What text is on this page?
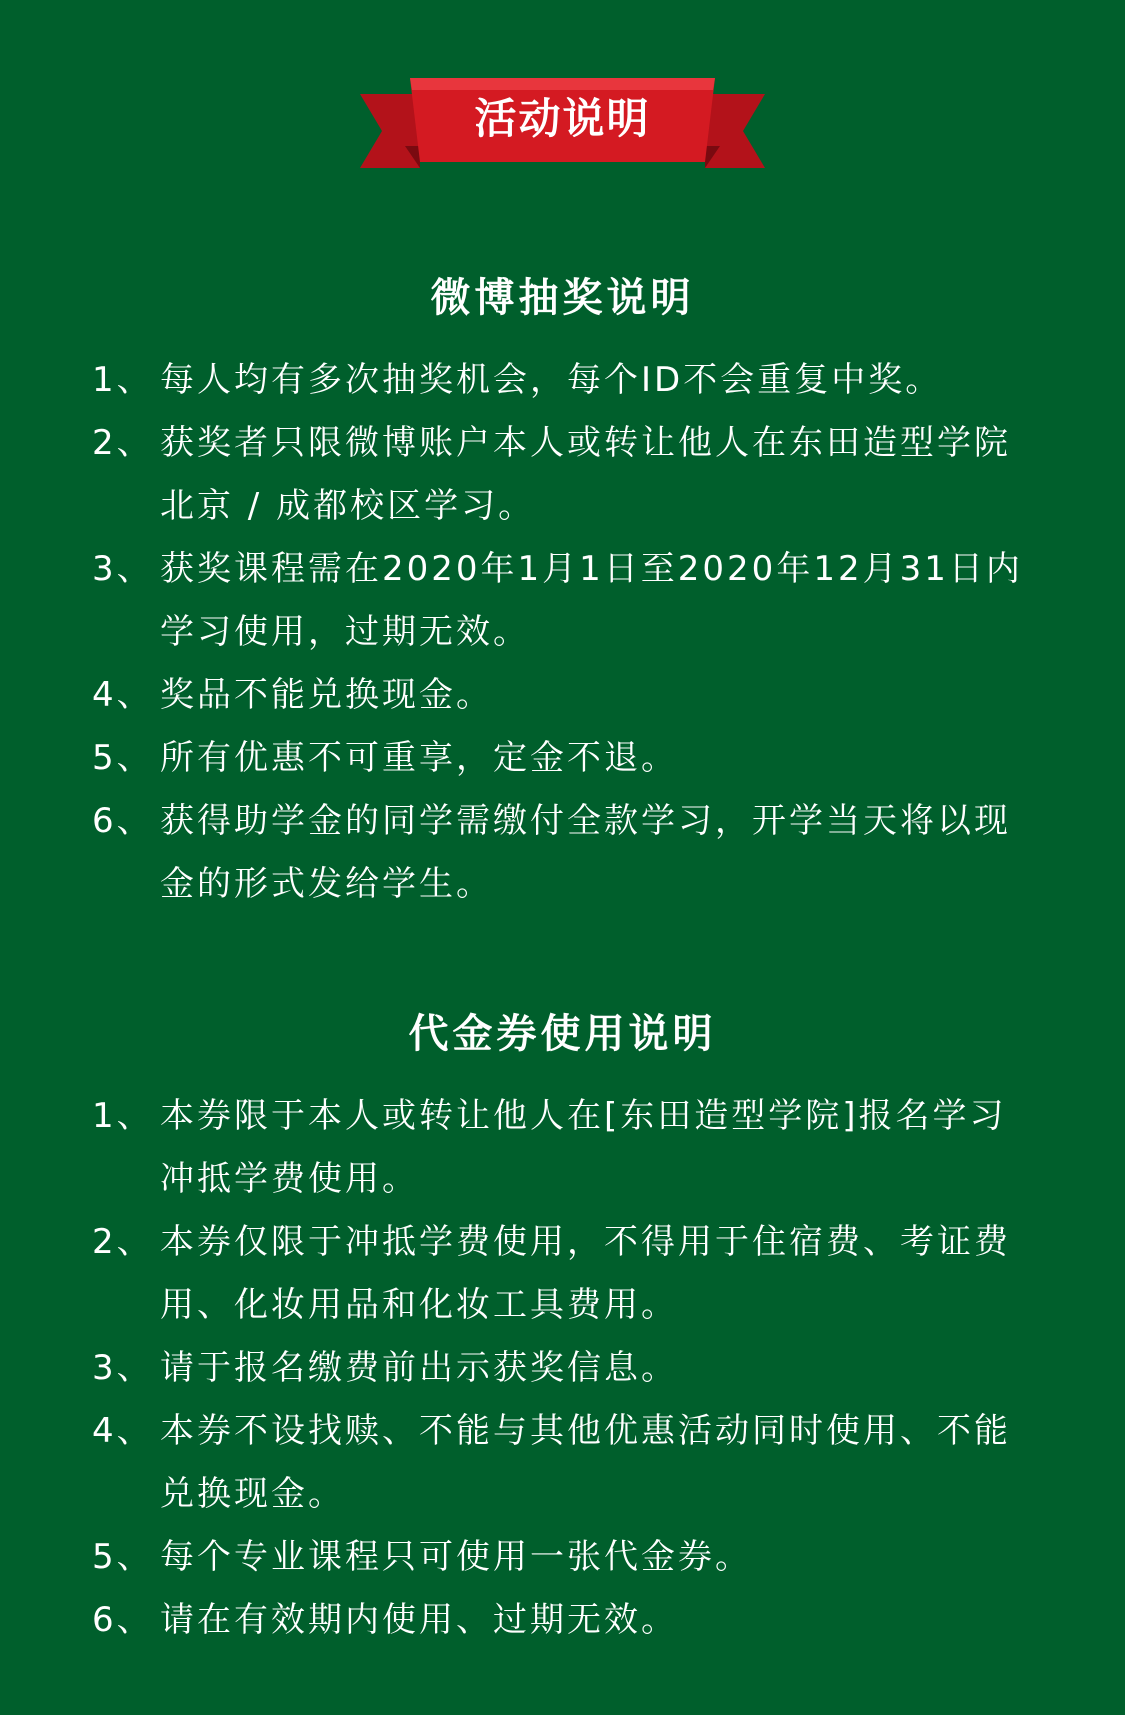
活动说明
微博抽奖说明
1、 每人均有多次抽奖机会，每个ID不会重复中奖。
2、 获奖者只限微博账户本人或转让他人在东田造型学院北京 / 成都校区学习。
3、 获奖课程需在2020年1月1日至2020年12月31日内学习使用，过期无效。
4、 奖品不能兑换现金。
5、 所有优惠不可重享，定金不退。
6、 获得助学金的同学需缴付全款学习，开学当天将以现金的形式发给学生。
代金券使用说明
1、 本券限于本人或转让他人在[东田造型学院]报名学习冲抵学费使用。
2、 本券仅限于冲抵学费使用，不得用于住宿费、考证费用、化妆用品和化妆工具费用。
3、 请于报名缴费前出示获奖信息。
4、 本券不设找赎、不能与其他优惠活动同时使用、不能兑换现金。
5、 每个专业课程只可使用一张代金券。
6、 请在有效期内使用、过期无效。
